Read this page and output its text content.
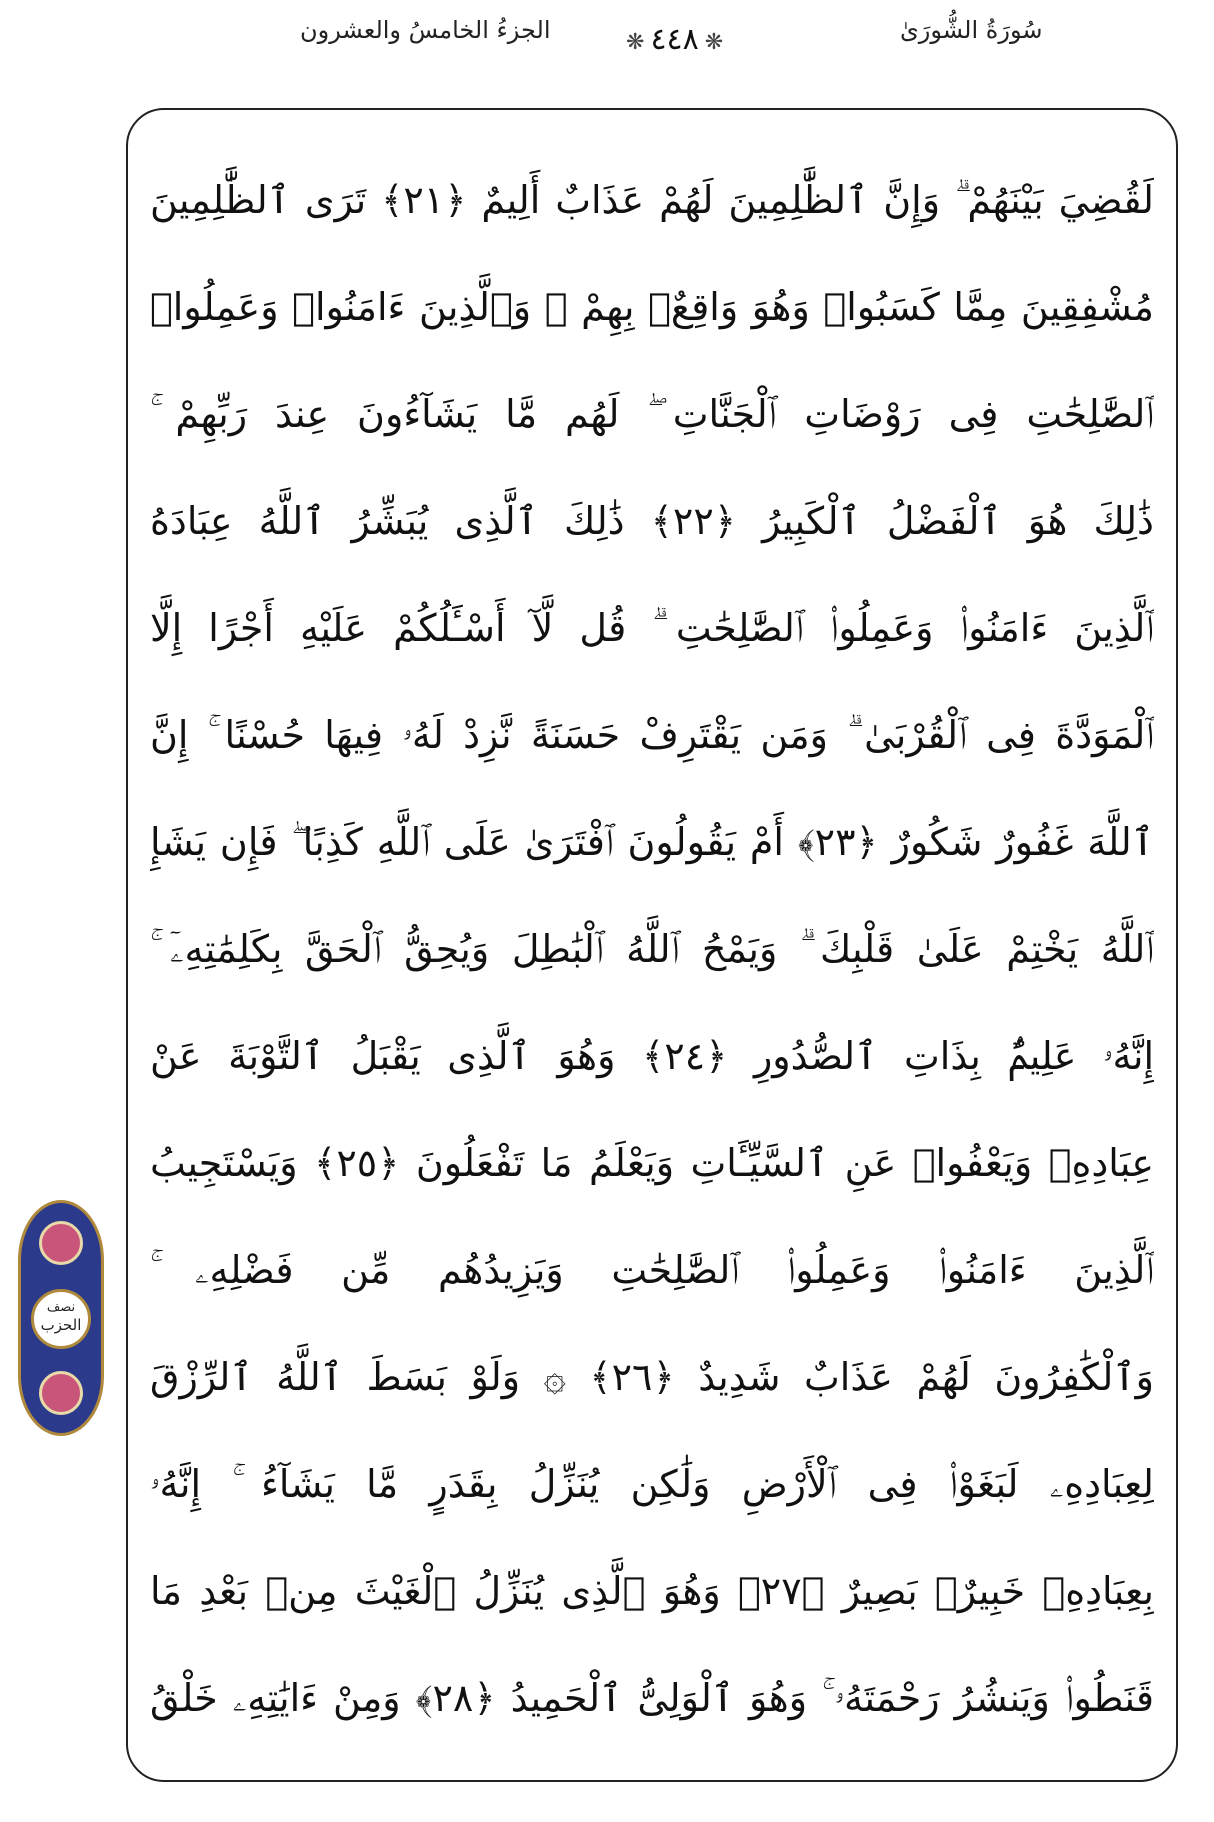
الجزءُ الخامسُ والعشرون	❋٤٤٨❋	سُورَةُ الشُّورَىٰ
لَقُضِيَ بَيْنَهُمْ ۗ وَإِنَّ ٱلظَّٰلِمِينَ لَهُمْ عَذَابٌ أَلِيمٌ ﴿٢١﴾ تَرَى ٱلظَّٰلِمِينَ
مُشْفِقِينَ مِمَّا كَسَبُوا۟ وَهُوَ وَاقِعٌۢ بِهِمْ ۗ وَٱلَّذِينَ ءَامَنُوا۟ وَعَمِلُوا۟
ٱلصَّٰلِحَٰتِ فِى رَوْضَاتِ ٱلْجَنَّاتِ ۖ لَهُم مَّا يَشَآءُونَ عِندَ رَبِّهِمْ ۚ
ذَٰلِكَ هُوَ ٱلْفَضْلُ ٱلْكَبِيرُ ﴿٢٢﴾ ذَٰلِكَ ٱلَّذِى يُبَشِّرُ ٱللَّهُ عِبَادَهُ
ٱلَّذِينَ ءَامَنُوا۟ وَعَمِلُوا۟ ٱلصَّٰلِحَٰتِ ۗ قُل لَّآ أَسْـَٔلُكُمْ عَلَيْهِ أَجْرًا إِلَّا
ٱلْمَوَدَّةَ فِى ٱلْقُرْبَىٰ ۗ وَمَن يَقْتَرِفْ حَسَنَةً نَّزِدْ لَهُۥ فِيهَا حُسْنًا ۚ إِنَّ
ٱللَّهَ غَفُورٌ شَكُورٌ ﴿٢٣﴾ أَمْ يَقُولُونَ ٱفْتَرَىٰ عَلَى ٱللَّهِ كَذِبًا ۖ فَإِن يَشَإِ
ٱللَّهُ يَخْتِمْ عَلَىٰ قَلْبِكَ ۗ وَيَمْحُ ٱللَّهُ ٱلْبَٰطِلَ وَيُحِقُّ ٱلْحَقَّ بِكَلِمَٰتِهِۦٓ ۚ
إِنَّهُۥ عَلِيمٌۢ بِذَاتِ ٱلصُّدُورِ ﴿٢٤﴾ وَهُوَ ٱلَّذِى يَقْبَلُ ٱلتَّوْبَةَ عَنْ
عِبَادِهِۦ وَيَعْفُوا۟ عَنِ ٱلسَّيِّـَٔاتِ وَيَعْلَمُ مَا تَفْعَلُونَ ﴿٢٥﴾ وَيَسْتَجِيبُ
ٱلَّذِينَ ءَامَنُوا۟ وَعَمِلُوا۟ ٱلصَّٰلِحَٰتِ وَيَزِيدُهُم مِّن فَضْلِهِۦ ۚ
وَٱلْكَٰفِرُونَ لَهُمْ عَذَابٌ شَدِيدٌ ﴿٢٦﴾ ۞ وَلَوْ بَسَطَ ٱللَّهُ ٱلرِّزْقَ
لِعِبَادِهِۦ لَبَغَوْا۟ فِى ٱلْأَرْضِ وَلَٰكِن يُنَزِّلُ بِقَدَرٍ مَّا يَشَآءُ ۚ إِنَّهُۥ
بِعِبَادِهِۦ خَبِيرٌۢ بَصِيرٌ ﴿٢٧﴾ وَهُوَ ٱلَّذِى يُنَزِّلُ ٱلْغَيْثَ مِنۢ بَعْدِ مَا
قَنَطُوا۟ وَيَنشُرُ رَحْمَتَهُۥ ۚ وَهُوَ ٱلْوَلِىُّ ٱلْحَمِيدُ ﴿٢٨﴾ وَمِنْ ءَايَٰتِهِۦ خَلْقُ
نصف
الحزب
